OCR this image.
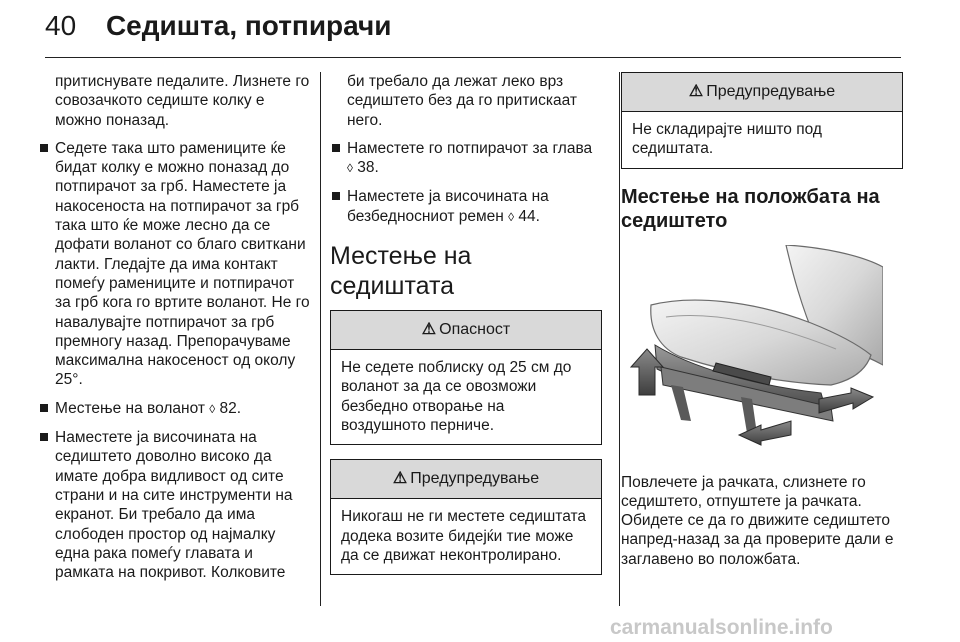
40 Седишта, потпирачи

притиснувате педалите. Лизнете го совозачкото седиште колку е можно поназад.

Седете така што рамениците ќе бидат колку е можно поназад до потпирачот за грб. Наместете ја накосеноста на потпирачот за грб така што ќе може лесно да се дофати воланот со благо свиткани лакти. Гледајте да има контакт помеѓу рамениците и потпирачот за грб кога го вртите воланот. Не го навалувајте потпирачот за грб премногу назад. Препорачуваме максимална накосеност од околу 25°.
Местење на воланот ◊ 82.
Наместете ја височината на седиштето доволно високо да имате добра видливост од сите страни и на сите инструменти на екранот. Би требало да има слободен простор од најмалку една рака помеѓу главата и рамката на покривот. Колковите

би требало да лежат леко врз седиштето без да го притискаат него.

Наместете го потпирачот за глава ◊ 38.
Наместете ја височината на безбедносниот ремен ◊ 44.
Местење на седиштата
⚠ Опасност
Не седете поблиску од 25 см до воланот за да се овозможи безбедно отворање на воздушното перниче.
⚠ Предупредување
Никогаш не ги местете седиштата додека возите бидејќи тие може да се движат неконтролирано.
⚠ Предупредување
Не складирајте ништо под седиштата.
Местење на положбата на седиштето

Повлечете ја рачката, слизнете го седиштето, отпуштете ја рачката. Обидете се да го движите седиштето напред-назад за да проверите дали е заглавено во положбата.

carmanualsonline.info
